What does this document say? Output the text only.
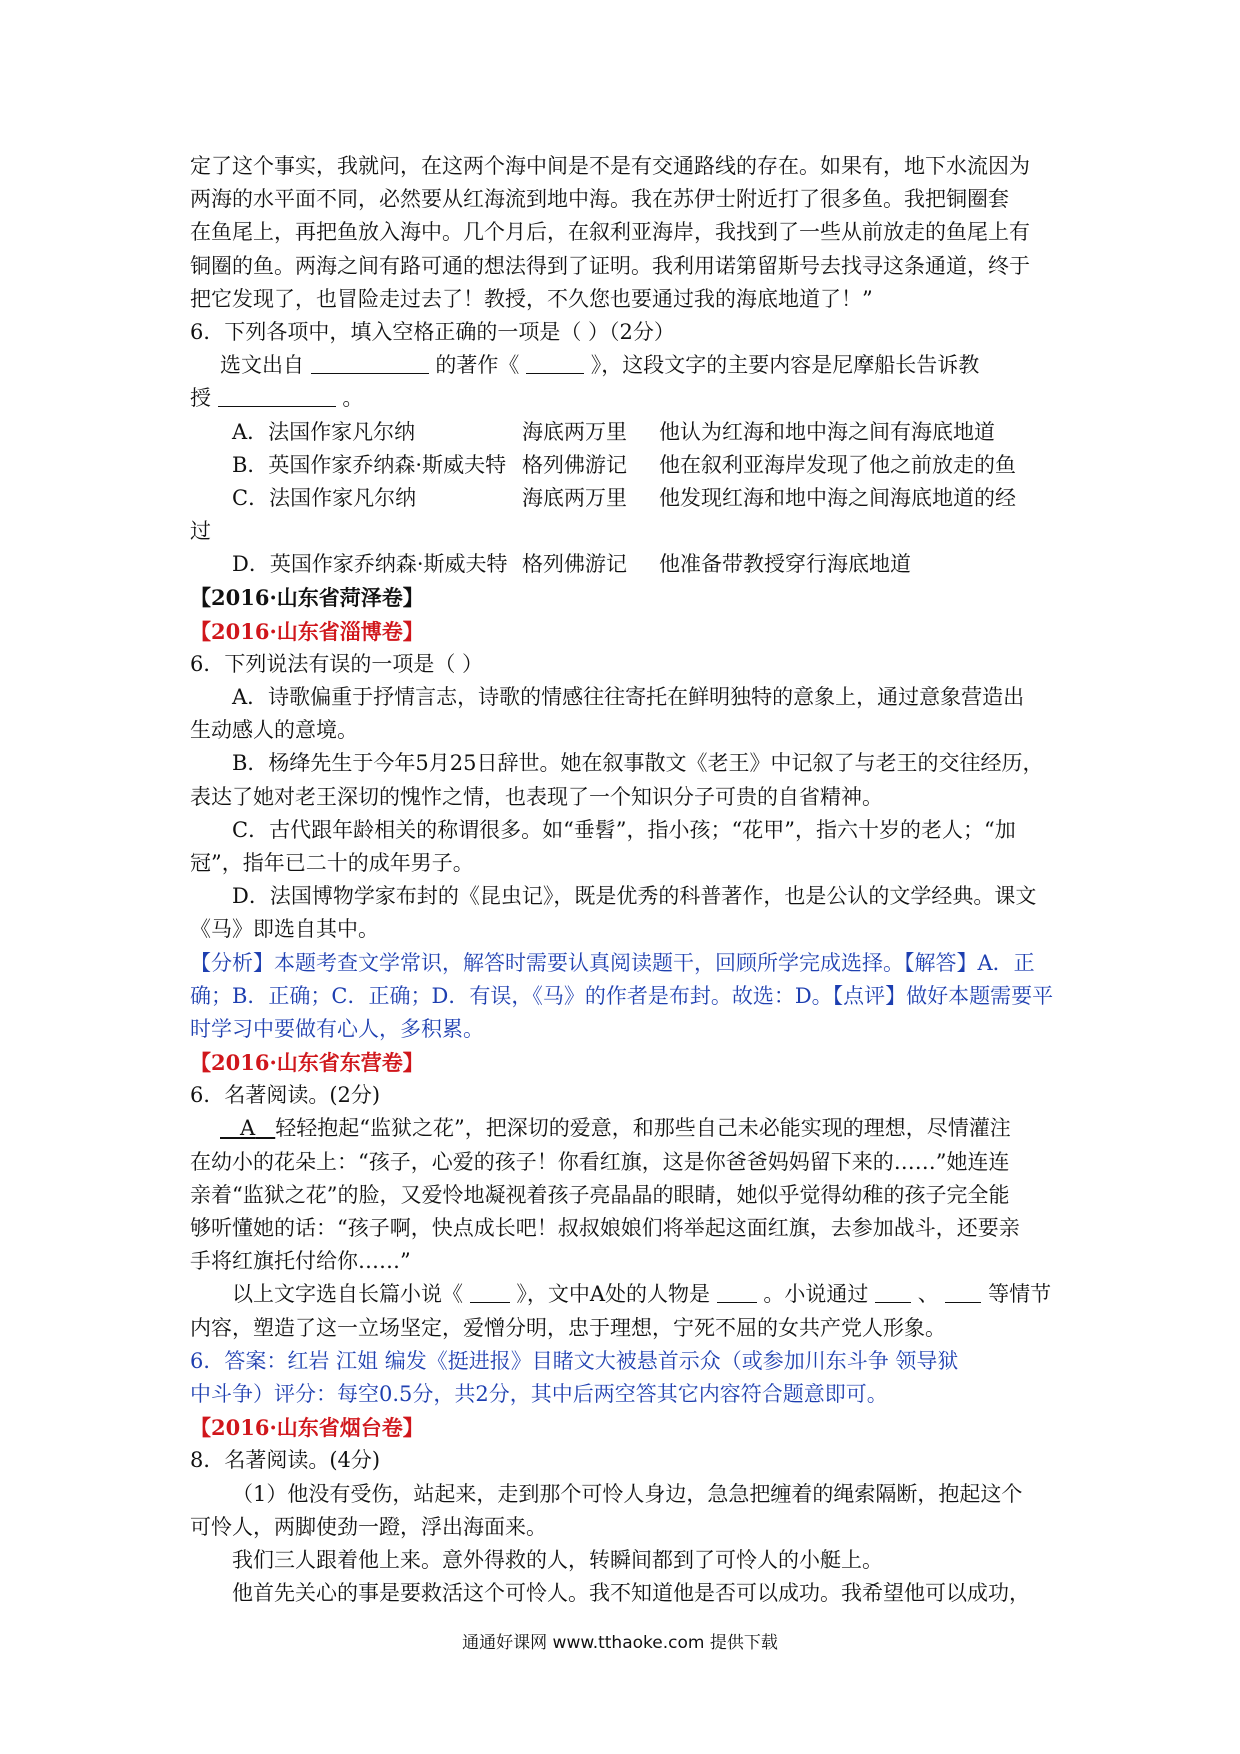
定了这个事实，我就问，在这两个海中间是不是有交通路线的存在。如果有，地下水流因为
两海的水平面不同，必然要从红海流到地中海。我在苏伊士附近打了很多鱼。我把铜圈套
在鱼尾上，再把鱼放入海中。几个月后，在叙利亚海岸，我找到了一些从前放走的鱼尾上有
铜圈的鱼。两海之间有路可通的想法得到了证明。我利用诺第留斯号去找寻这条通道，终于
把它发现了，也冒险走过去了！教授，不久您也要通过我的海底地道了！”
6．下列各项中，填入空格正确的一项是（ ）（2分）
选文出自	的著作《	》，这段文字的主要内容是尼摩船长告诉教
授	。
A．法国作家凡尔纳	海底两万里	他认为红海和地中海之间有海底地道
B．英国作家乔纳森·斯威夫特 格列佛游记	他在叙利亚海岸发现了他之前放走的鱼
C．法国作家凡尔纳	海底两万里	他发现红海和地中海之间海底地道的经
过
D．英国作家乔纳森·斯威夫特 格列佛游记	他准备带教授穿行海底地道
【2016·山东省菏泽卷】
【2016·山东省淄博卷】
6．下列说法有误的一项是（ ）
A．诗歌偏重于抒情言志，诗歌的情感往往寄托在鲜明独特的意象上，通过意象营造出
生动感人的意境。
B．杨绛先生于今年5月25日辞世。她在叙事散文《老王》中记叙了与老王的交往经历，
表达了她对老王深切的愧怍之情，也表现了一个知识分子可贵的自省精神。
C．古代跟年龄相关的称谓很多。如“垂髫”，指小孩；“花甲”，指六十岁的老人；“加
冠”，指年已二十的成年男子。
D．法国博物学家布封的《昆虫记》，既是优秀的科普著作，也是公认的文学经典。课文
《马》即选自其中。
【分析】本题考查文学常识，解答时需要认真阅读题干，回顾所学完成选择。【解答】A．正
确；B．正确；C．正确；D．有误，《马》的作者是布封。故选：D。【点评】做好本题需要平
时学习中要做有心人，多积累。
【2016·山东省东营卷】
6．名著阅读。(2分)
A 轻轻抱起“监狱之花”，把深切的爱意，和那些自己未必能实现的理想，尽情灌注
在幼小的花朵上：“孩子，心爱的孩子！你看红旗，这是你爸爸妈妈留下来的……”她连连
亲着“监狱之花”的脸，又爱怜地凝视着孩子亮晶晶的眼睛，她似乎觉得幼稚的孩子完全能
够听懂她的话：“孩子啊，快点成长吧！叔叔娘娘们将举起这面红旗，去参加战斗，还要亲
手将红旗托付给你……”
以上文字选自长篇小说《	》，文中A处的人物是	。小说通过 、 等情节
内容，塑造了这一立场坚定，爱憎分明，忠于理想，宁死不屈的女共产党人形象。
6．答案：红岩 江姐 编发《挺进报》目睹文大被悬首示众（或参加川东斗争 领导狱
中斗争）评分：每空0.5分，共2分，其中后两空答其它内容符合题意即可。
【2016·山东省烟台卷】
8．名著阅读。(4分)
（1）他没有受伤，站起来，走到那个可怜人身边，急急把缠着的绳索隔断，抱起这个
可怜人，两脚使劲一蹬，浮出海面来。
我们三人跟着他上来。意外得救的人，转瞬间都到了可怜人的小艇上。
他首先关心的事是要救活这个可怜人。我不知道他是否可以成功。我希望他可以成功，
通通好课网 www.tthaoke.com 提供下载
